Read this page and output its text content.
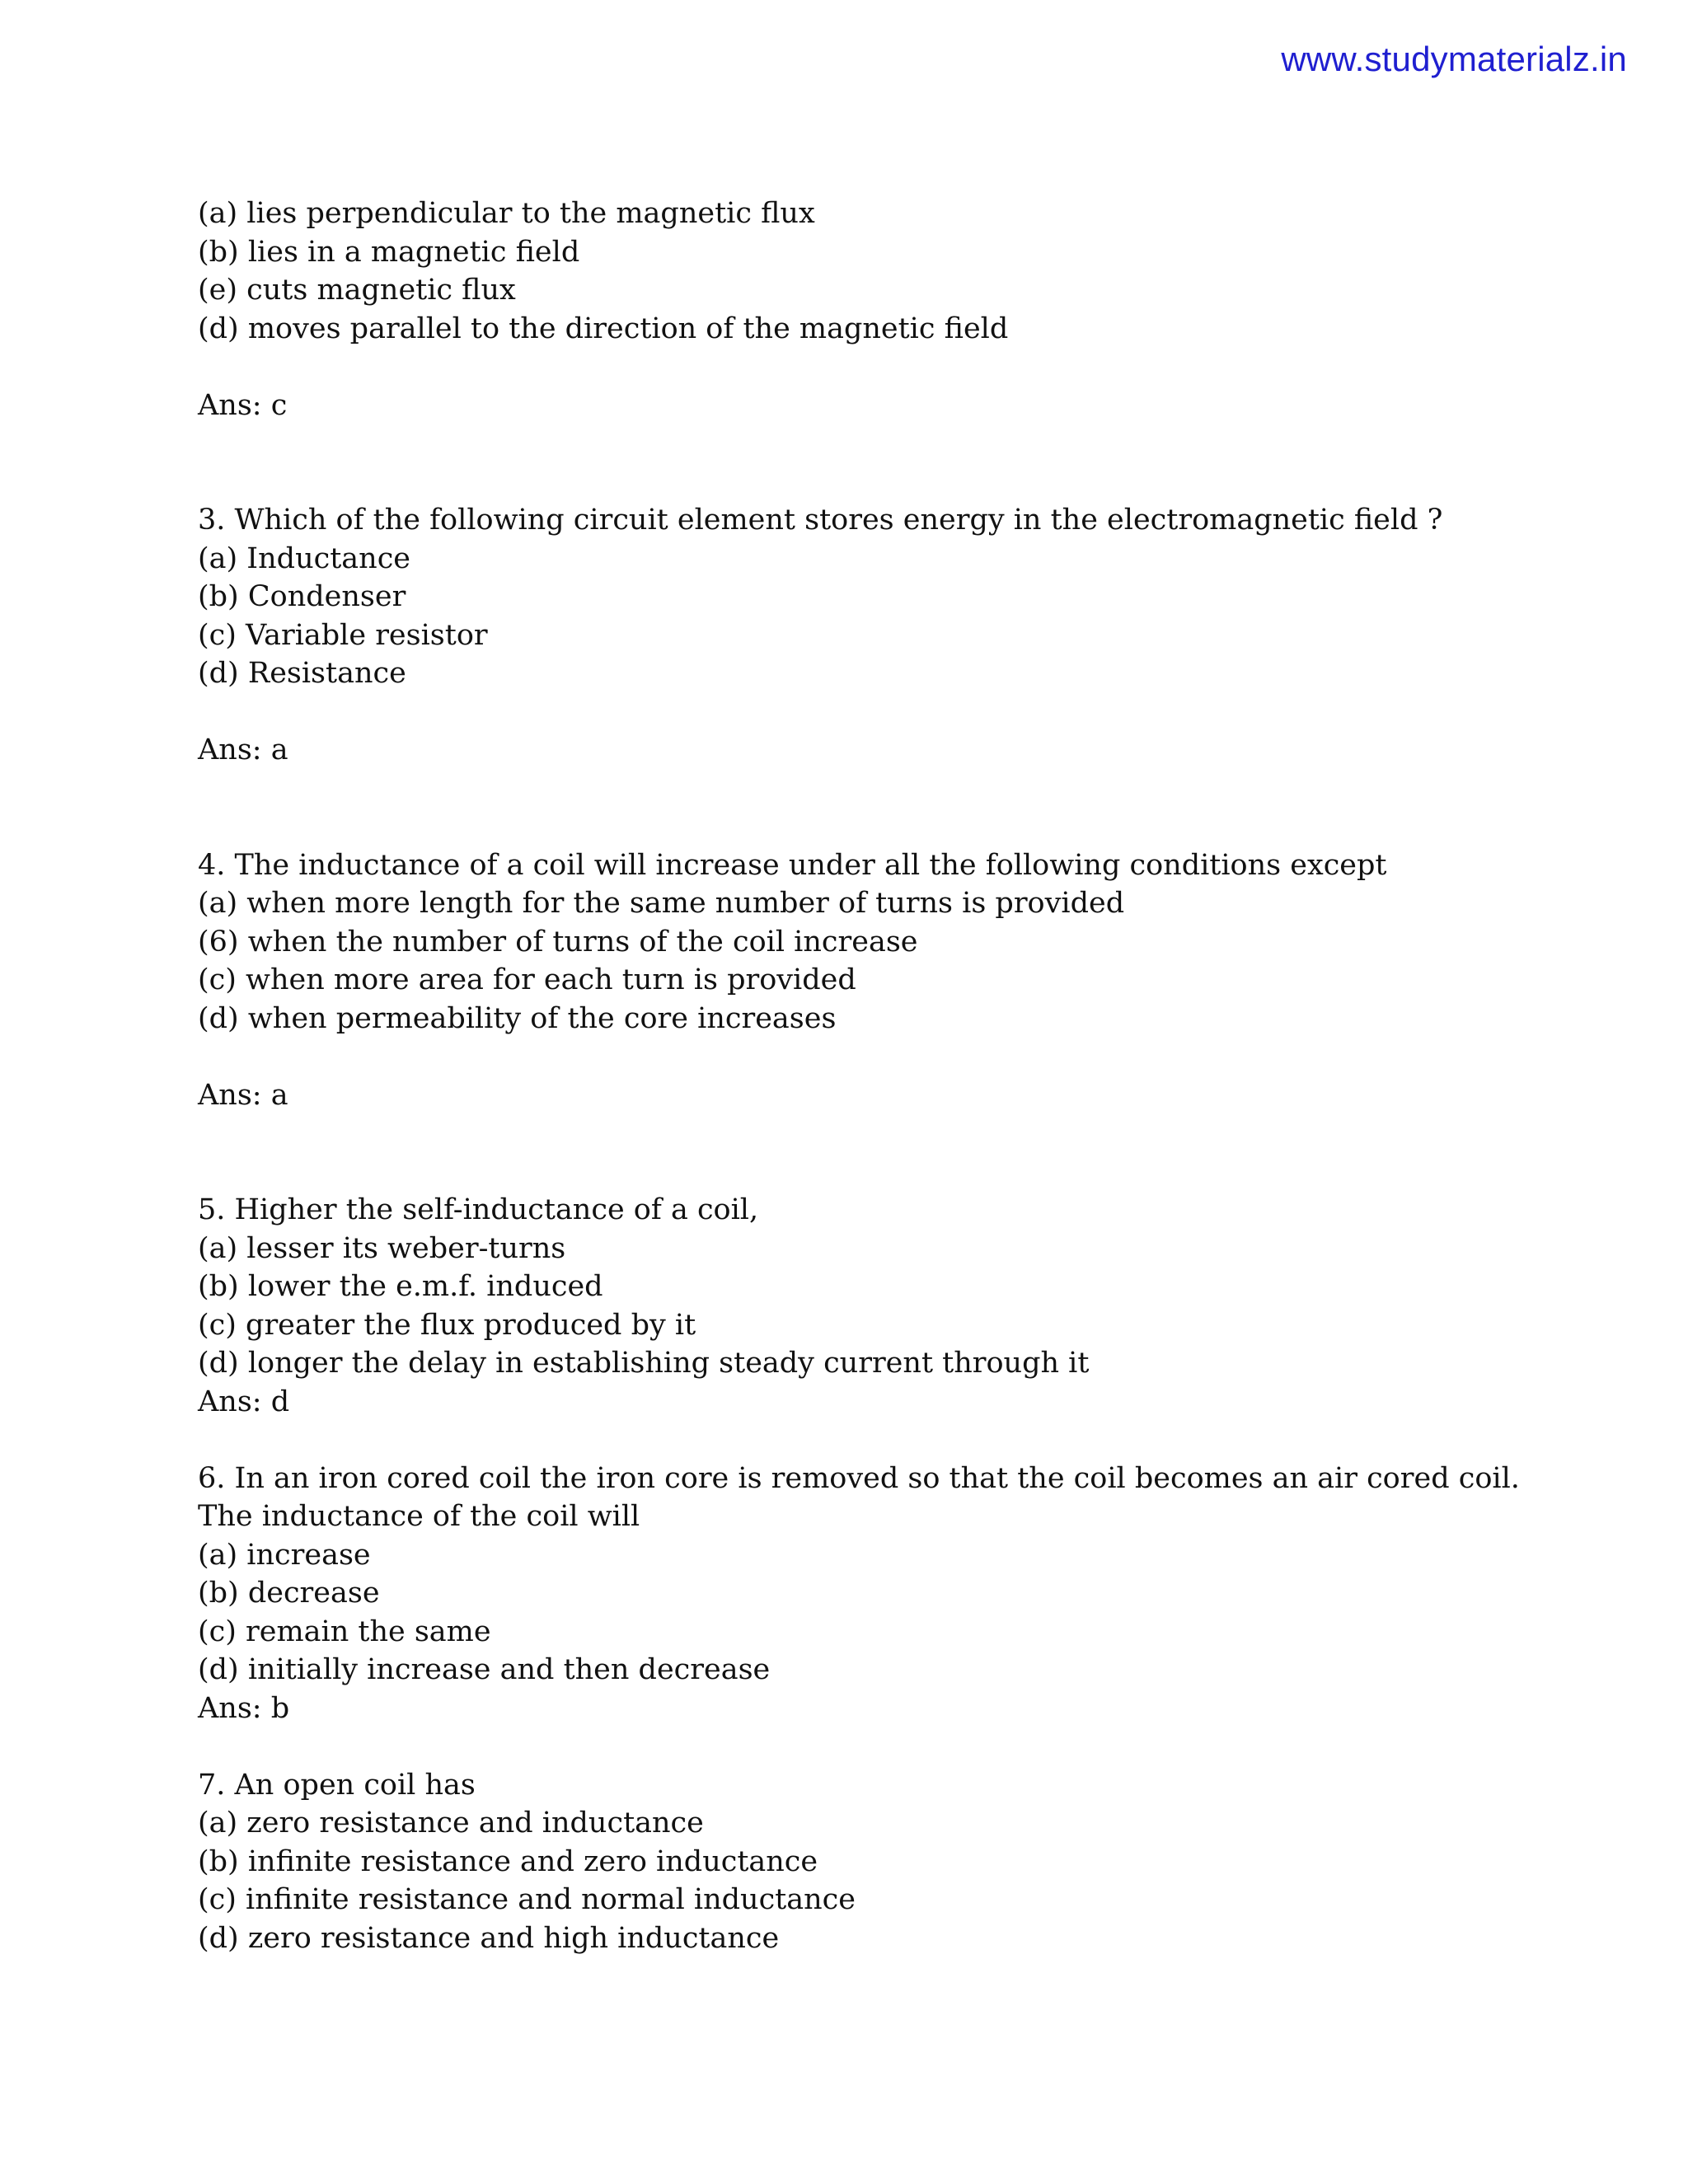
www.studymaterialz.in
(a) lies perpendicular to the magnetic flux
(b) lies in a magnetic field
(e) cuts magnetic flux
(d) moves parallel to the direction of the magnetic field
Ans: c
3. Which of the following circuit element stores energy in the electromagnetic field ?
(a) Inductance
(b) Condenser
(c) Variable resistor
(d) Resistance
Ans: a
4. The inductance of a coil will increase under all the following conditions except
(a) when more length for the same number of turns is provided
(6) when the number of turns of the coil increase
(c) when more area for each turn is provided
(d) when permeability of the core increases
Ans: a
5. Higher the self-inductance of a coil,
(a) lesser its weber-turns
(b) lower the e.m.f. induced
(c) greater the flux produced by it
(d) longer the delay in establishing steady current through it
Ans: d
6. In an iron cored coil the iron core is removed so that the coil becomes an air cored coil.
The inductance of the coil will
(a) increase
(b) decrease
(c) remain the same
(d) initially increase and then decrease
Ans: b
7. An open coil has
(a) zero resistance and inductance
(b) infinite resistance and zero inductance
(c) infinite resistance and normal inductance
(d) zero resistance and high inductance
